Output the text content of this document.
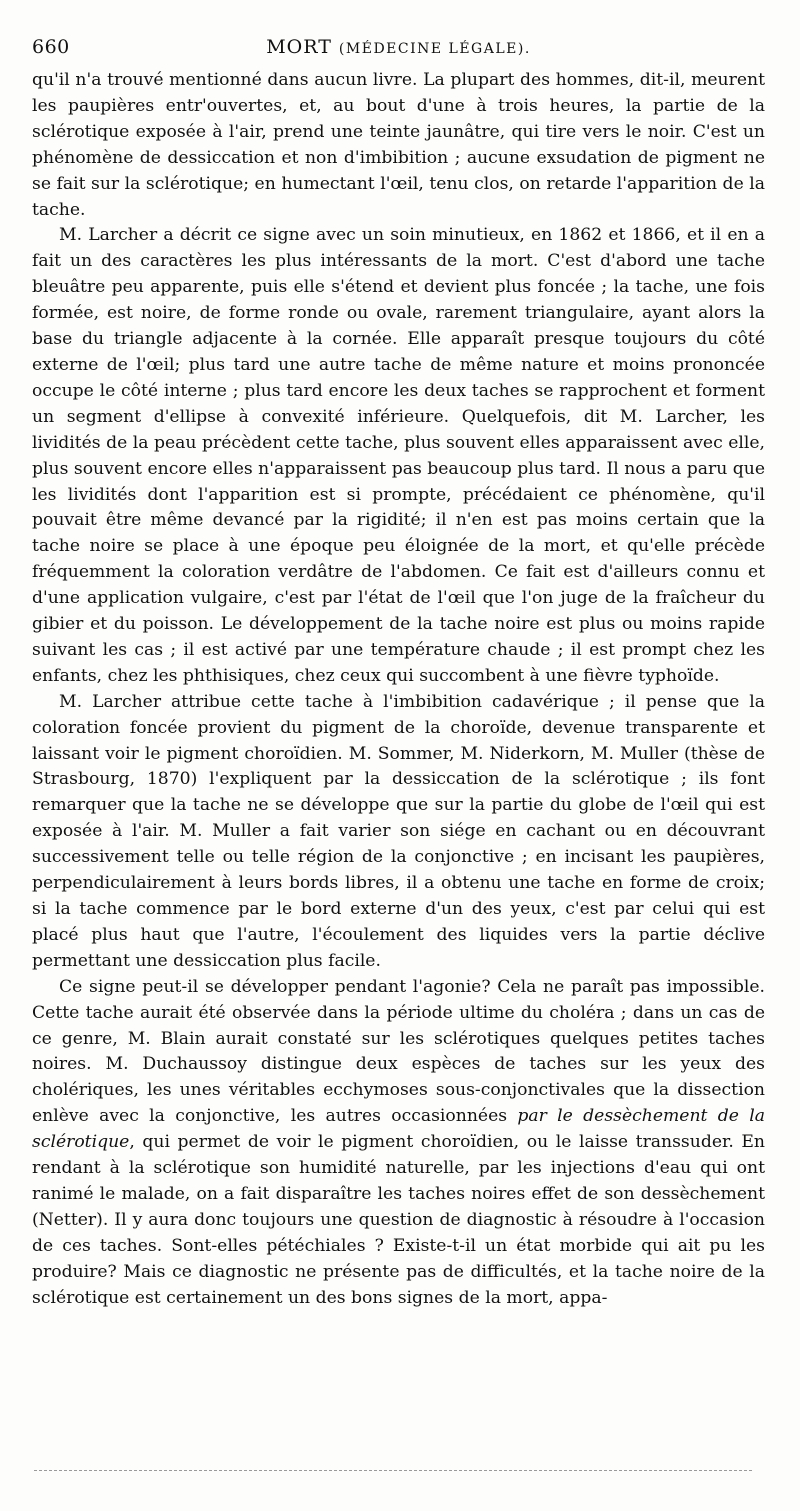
660	MORT (MÉDECINE LÉGALE).

qu'il n'a trouvé mentionné dans aucun livre. La plupart des hommes, dit-il, meurent les paupières entr'ouvertes, et, au bout d'une à trois heures, la partie de la sclérotique exposée à l'air, prend une teinte jaunâtre, qui tire vers le noir. C'est un phénomène de dessiccation et non d'imbibition ; aucune exsudation de pigment ne se fait sur la sclérotique; en humectant l'œil, tenu clos, on retarde l'apparition de la tache.

M. Larcher a décrit ce signe avec un soin minutieux, en 1862 et 1866, et il en a fait un des caractères les plus intéressants de la mort. C'est d'abord une tache bleuâtre peu apparente, puis elle s'étend et devient plus foncée ; la tache, une fois formée, est noire, de forme ronde ou ovale, rarement triangulaire, ayant alors la base du triangle adjacente à la cornée. Elle apparaît presque toujours du côté externe de l'œil; plus tard une autre tache de même nature et moins prononcée occupe le côté interne ; plus tard encore les deux taches se rapprochent et forment un segment d'ellipse à convexité inférieure. Quelquefois, dit M. Larcher, les lividités de la peau précèdent cette tache, plus souvent elles apparaissent avec elle, plus souvent encore elles n'apparaissent pas beaucoup plus tard. Il nous a paru que les lividités dont l'apparition est si prompte, précédaient ce phénomène, qu'il pouvait être même devancé par la rigidité; il n'en est pas moins certain que la tache noire se place à une époque peu éloignée de la mort, et qu'elle précède fréquemment la coloration verdâtre de l'abdomen. Ce fait est d'ailleurs connu et d'une application vulgaire, c'est par l'état de l'œil que l'on juge de la fraîcheur du gibier et du poisson. Le développement de la tache noire est plus ou moins rapide suivant les cas ; il est activé par une température chaude ; il est prompt chez les enfants, chez les phthisiques, chez ceux qui succombent à une fièvre typhoïde.

M. Larcher attribue cette tache à l'imbibition cadavérique ; il pense que la coloration foncée provient du pigment de la choroïde, devenue transparente et laissant voir le pigment choroïdien. M. Sommer, M. Niderkorn, M. Muller (thèse de Strasbourg, 1870) l'expliquent par la dessiccation de la sclérotique ; ils font remarquer que la tache ne se développe que sur la partie du globe de l'œil qui est exposée à l'air. M. Muller a fait varier son siége en cachant ou en découvrant successivement telle ou telle région de la conjonctive ; en incisant les paupières, perpendiculairement à leurs bords libres, il a obtenu une tache en forme de croix; si la tache commence par le bord externe d'un des yeux, c'est par celui qui est placé plus haut que l'autre, l'écoulement des liquides vers la partie déclive permettant une dessiccation plus facile.

Ce signe peut-il se développer pendant l'agonie? Cela ne paraît pas impossible. Cette tache aurait été observée dans la période ultime du choléra ; dans un cas de ce genre, M. Blain aurait constaté sur les sclérotiques quelques petites taches noires. M. Duchaussoy distingue deux espèces de taches sur les yeux des cholériques, les unes véritables ecchymoses sous-conjonctivales que la dissection enlève avec la conjonctive, les autres occasionnées par le dessèchement de la sclérotique, qui permet de voir le pigment choroïdien, ou le laisse transsuder. En rendant à la sclérotique son humidité naturelle, par les injections d'eau qui ont ranimé le malade, on a fait disparaître les taches noires effet de son dessèchement (Netter). Il y aura donc toujours une question de diagnostic à résoudre à l'occasion de ces taches. Sont-elles pétéchiales ? Existe-t-il un état morbide qui ait pu les produire? Mais ce diagnostic ne présente pas de difficultés, et la tache noire de la sclérotique est certainement un des bons signes de la mort, appa-
